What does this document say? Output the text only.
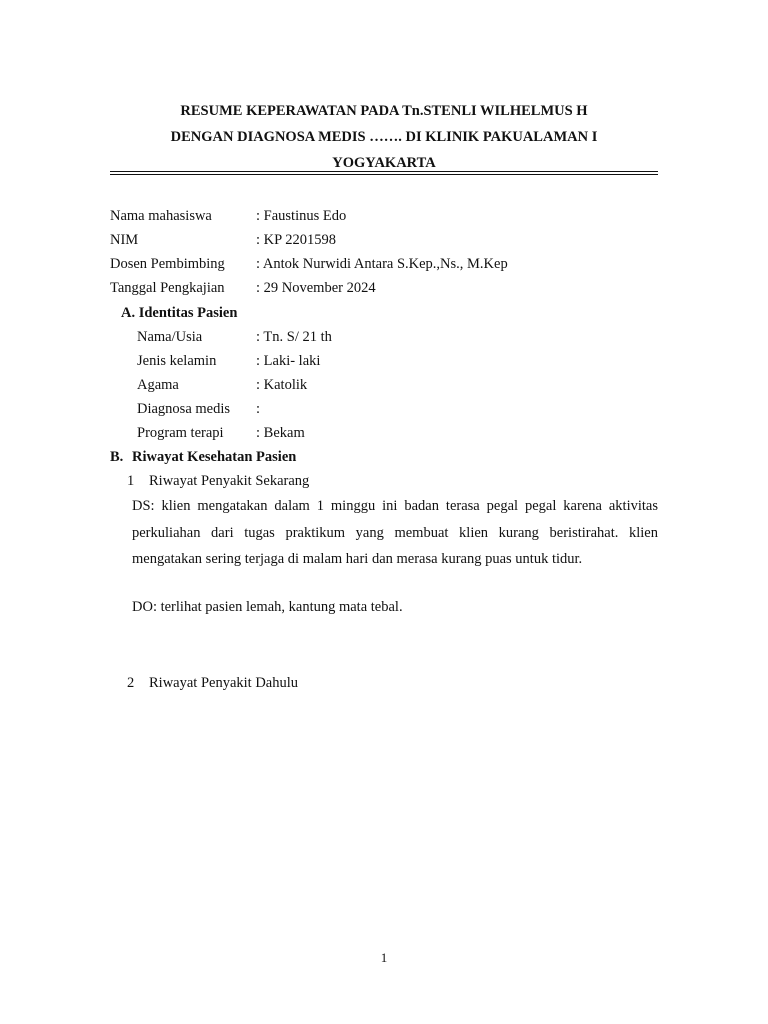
RESUME KEPERAWATAN PADA Tn.STENLI WILHELMUS H
DENGAN DIAGNOSA MEDIS ……. DI KLINIK PAKUALAMAN I
YOGYAKARTA
Nama mahasiswa	: Faustinus Edo
NIM	: KP 2201598
Dosen Pembimbing : Antok Nurwidi Antara S.Kep.,Ns., M.Kep
Tanggal Pengkajian : 29 November 2024
A. Identitas Pasien
Nama/Usia	: Tn. S/ 21 th
Jenis kelamin	: Laki- laki
Agama	: Katolik
Diagnosa medis :
Program terapi : Bekam
B. Riwayat Kesehatan Pasien
1 Riwayat Penyakit Sekarang
DS: klien mengatakan dalam 1 minggu ini badan terasa pegal pegal karena aktivitas perkuliahan dari tugas praktikum yang membuat klien kurang beristirahat. klien mengatakan sering terjaga di malam hari dan merasa kurang puas untuk tidur.
DO: terlihat pasien lemah, kantung mata tebal.
2 Riwayat Penyakit Dahulu
1
